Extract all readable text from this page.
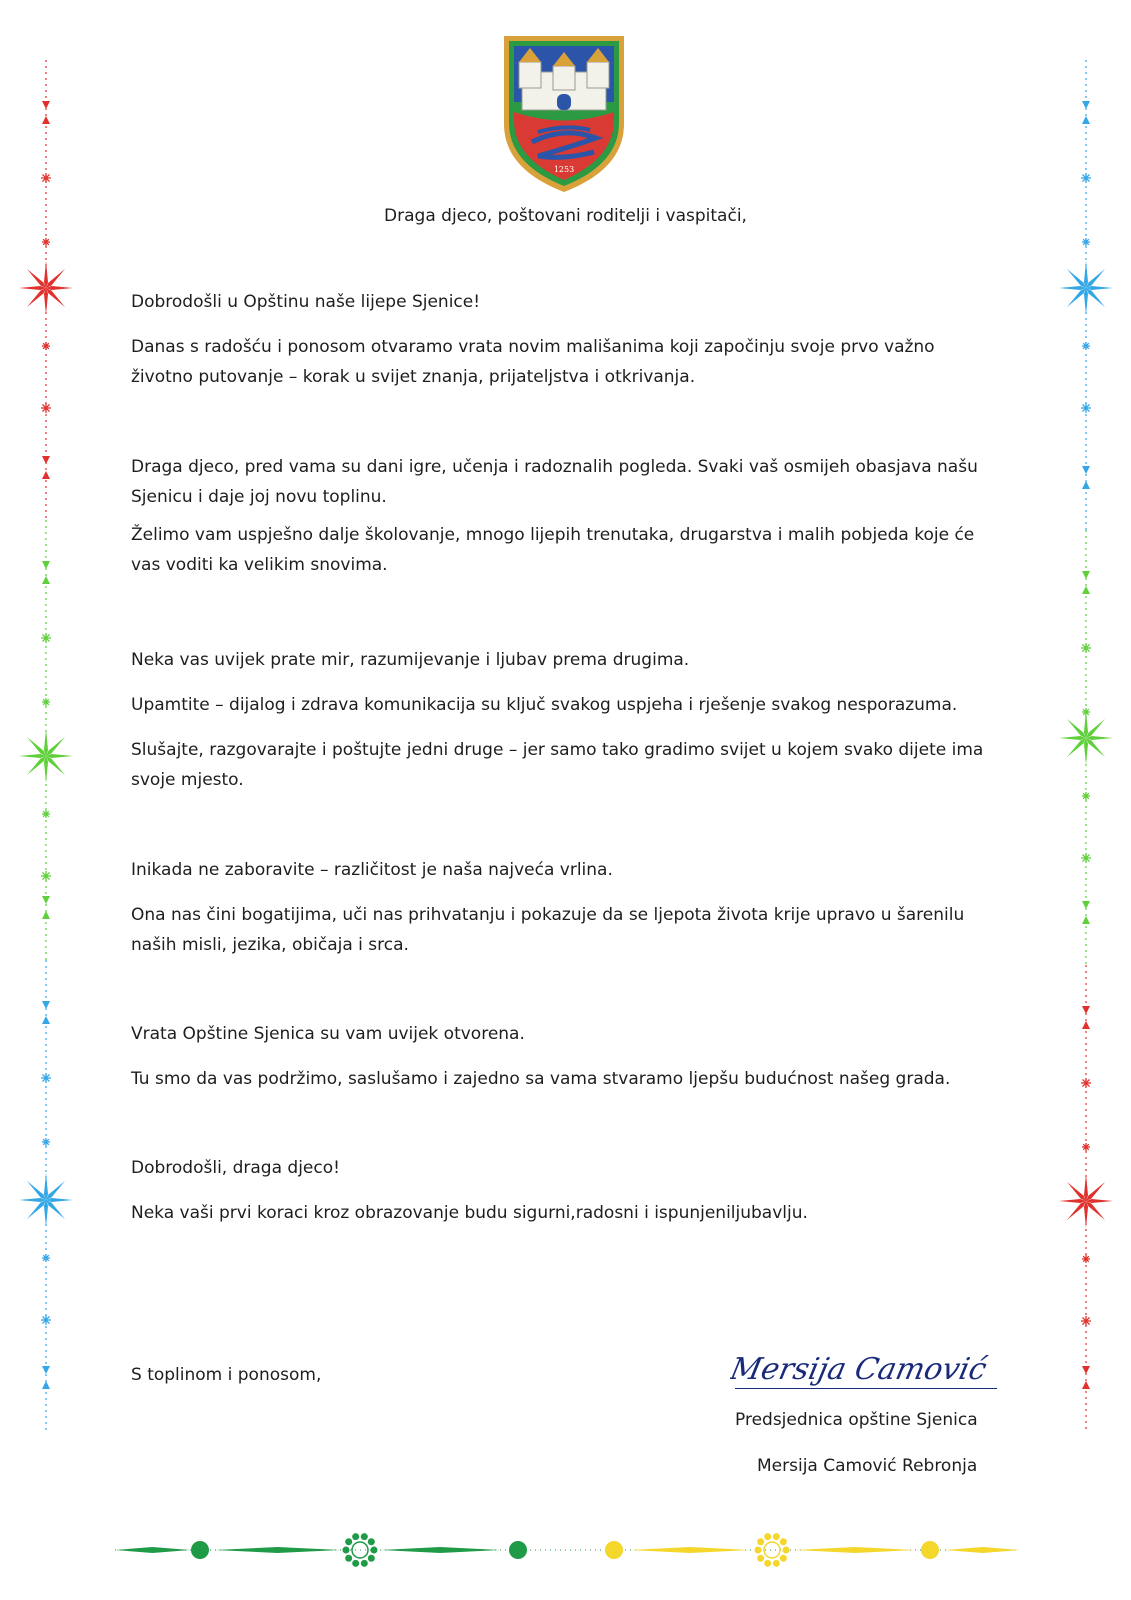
1253
Draga djeco, poštovani roditelji i vaspitači,

Dobrodošli u Opštinu naše lijepe Sjenice!

Danas s radošću i ponosom otvaramo vrata novim mališanima koji započinju svoje prvo važno životno putovanje – korak u svijet znanja, prijateljstva i otkrivanja.

Draga djeco, pred vama su dani igre, učenja i radoznalih pogleda. Svaki vaš osmijeh obasjava našu Sjenicu i daje joj novu toplinu.

Želimo vam uspješno dalje školovanje, mnogo lijepih trenutaka, drugarstva i malih pobjeda koje će vas voditi ka velikim snovima.

Neka vas uvijek prate mir, razumijevanje i ljubav prema drugima.

Upamtite – dijalog i zdrava komunikacija su ključ svakog uspjeha i rješenje svakog nesporazuma.

Slušajte, razgovarajte i poštujte jedni druge – jer samo tako gradimo svijet u kojem svako dijete ima svoje mjesto.

Inikada ne zaboravite – različitost je naša najveća vrlina.

Ona nas čini bogatijima, uči nas prihvatanju i pokazuje da se ljepota života krije upravo u šarenilu naših misli, jezika, običaja i srca.

Vrata Opštine Sjenica su vam uvijek otvorena.

Tu smo da vas podržimo, saslušamo i zajedno sa vama stvaramo ljepšu budućnost našeg grada.

Dobrodošli, draga djeco!

Neka vaši prvi koraci kroz obrazovanje budu sigurni,radosni i ispunjeniljubavlju.

S toplinom i ponosom,	Mersija Camović
Predsjednica opštine Sjenica
Mersija Camović Rebronja
